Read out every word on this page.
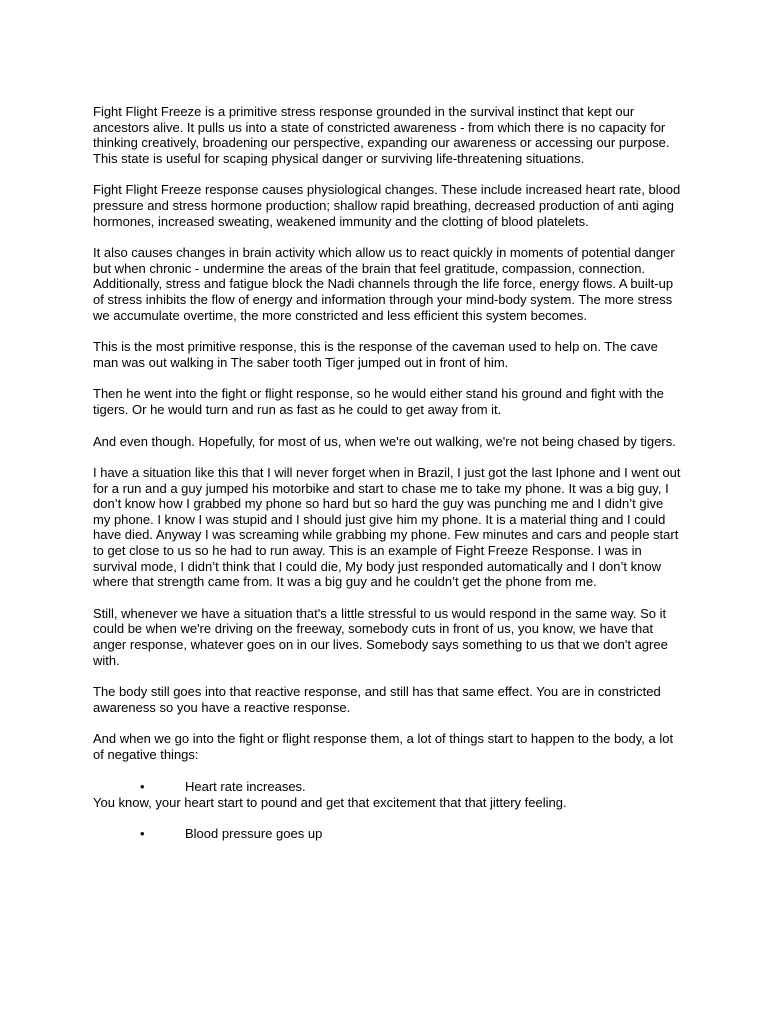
Fight Flight Freeze is a primitive stress response grounded in the survival instinct that kept our ancestors alive. It pulls us into a state of constricted awareness - from which there is no capacity for thinking creatively, broadening our perspective, expanding our awareness or accessing our purpose. This state is useful for scaping physical danger or surviving life-threatening situations.

Fight Flight Freeze response causes physiological changes. These include increased heart rate, blood pressure and stress hormone production; shallow rapid breathing, decreased production of anti aging hormones, increased sweating, weakened immunity and the clotting of blood platelets.

It also causes changes in brain activity which allow us to react quickly in moments of potential danger but when chronic - undermine the areas of the brain that feel gratitude, compassion, connection. Additionally, stress and fatigue block the Nadi channels through the life force, energy flows. A built-up of stress inhibits the flow of energy and information through your mind-body system. The more stress we accumulate overtime, the more constricted and less efficient this system becomes.

This is the most primitive response, this is the response of the caveman used to help on. The cave man was out walking in The saber tooth Tiger jumped out in front of him.

Then he went into the fight or flight response, so he would either stand his ground and fight with the tigers. Or he would turn and run as fast as he could to get away from it.

And even though. Hopefully, for most of us, when we're out walking, we're not being chased by tigers.

I have a situation like this that I will never forget when in Brazil, I just got the last Iphone and I went out for a run and a guy jumped his motorbike and start to chase me to take my phone. It was a big guy, I don’t know how I grabbed my phone so hard but so hard the guy was punching me and I didn’t give my phone. I know I was stupid and I should just give him my phone. It is a material thing and I could have died. Anyway I was screaming while grabbing my phone. Few minutes and cars and people start to get close to us so he had to run away. This is an example of Fight Freeze Response. I was in survival mode, I didn’t think that I could die, My body just responded automatically and I don’t know where that strength came from. It was a big guy and he couldn’t get the phone from me.

Still, whenever we have a situation that's a little stressful to us would respond in the same way. So it could be when we're driving on the freeway, somebody cuts in front of us, you know, we have that anger response, whatever goes on in our lives. Somebody says something to us that we don't agree with.

The body still goes into that reactive response, and still has that same effect. You are in constricted awareness so you have a reactive response.

And when we go into the fight or flight response them, a lot of things start to happen to the body, a lot of negative things:

•	Heart rate increases.

You know, your heart start to pound and get that excitement that that jittery feeling.

•	Blood pressure goes up
